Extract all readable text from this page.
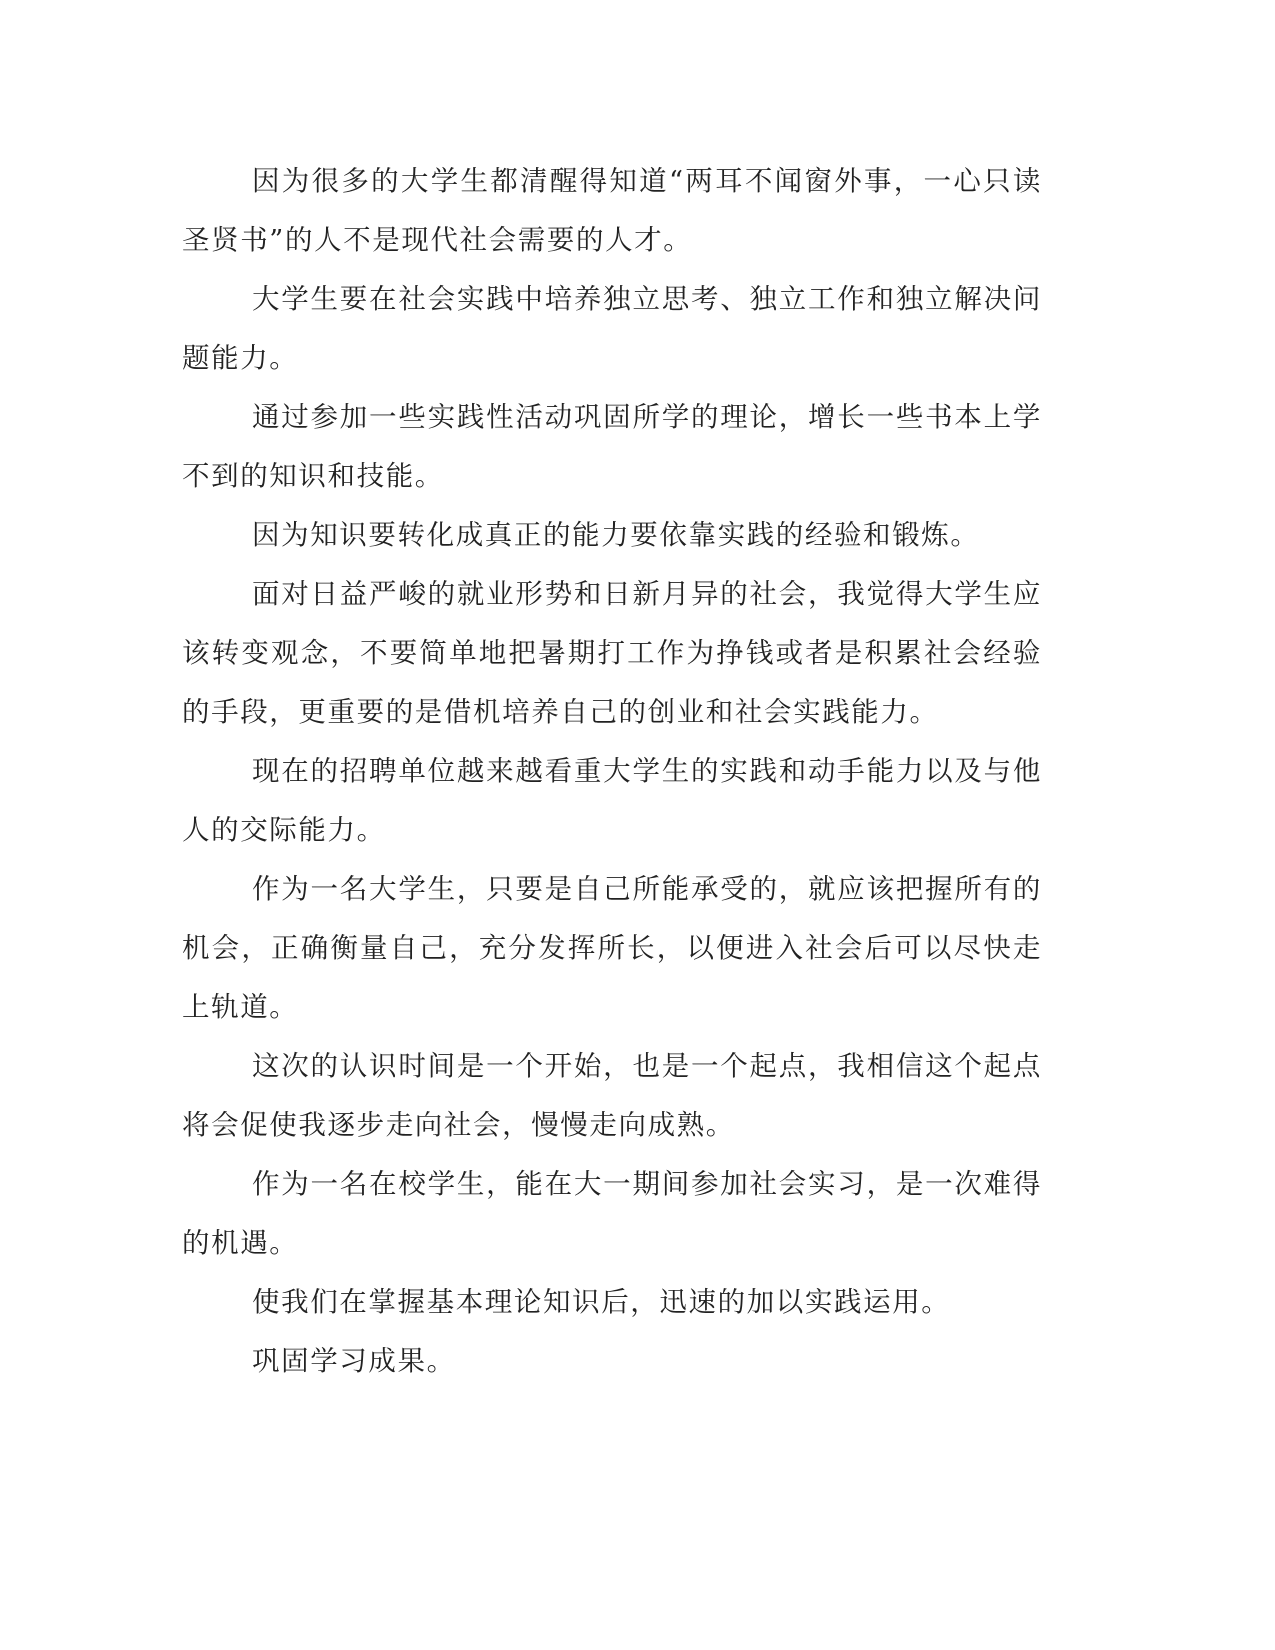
因为很多的大学生都清醒得知道“两耳不闻窗外事，一心只读圣贤书”的人不是现代社会需要的人才。

大学生要在社会实践中培养独立思考、独立工作和独立解决问题能力。

通过参加一些实践性活动巩固所学的理论，增长一些书本上学不到的知识和技能。

因为知识要转化成真正的能力要依靠实践的经验和锻炼。

面对日益严峻的就业形势和日新月异的社会，我觉得大学生应该转变观念，不要简单地把暑期打工作为挣钱或者是积累社会经验的手段，更重要的是借机培养自己的创业和社会实践能力。

现在的招聘单位越来越看重大学生的实践和动手能力以及与他人的交际能力。

作为一名大学生，只要是自己所能承受的，就应该把握所有的机会，正确衡量自己，充分发挥所长，以便进入社会后可以尽快走上轨道。

这次的认识时间是一个开始，也是一个起点，我相信这个起点将会促使我逐步走向社会，慢慢走向成熟。

作为一名在校学生，能在大一期间参加社会实习，是一次难得的机遇。

使我们在掌握基本理论知识后，迅速的加以实践运用。

巩固学习成果。
